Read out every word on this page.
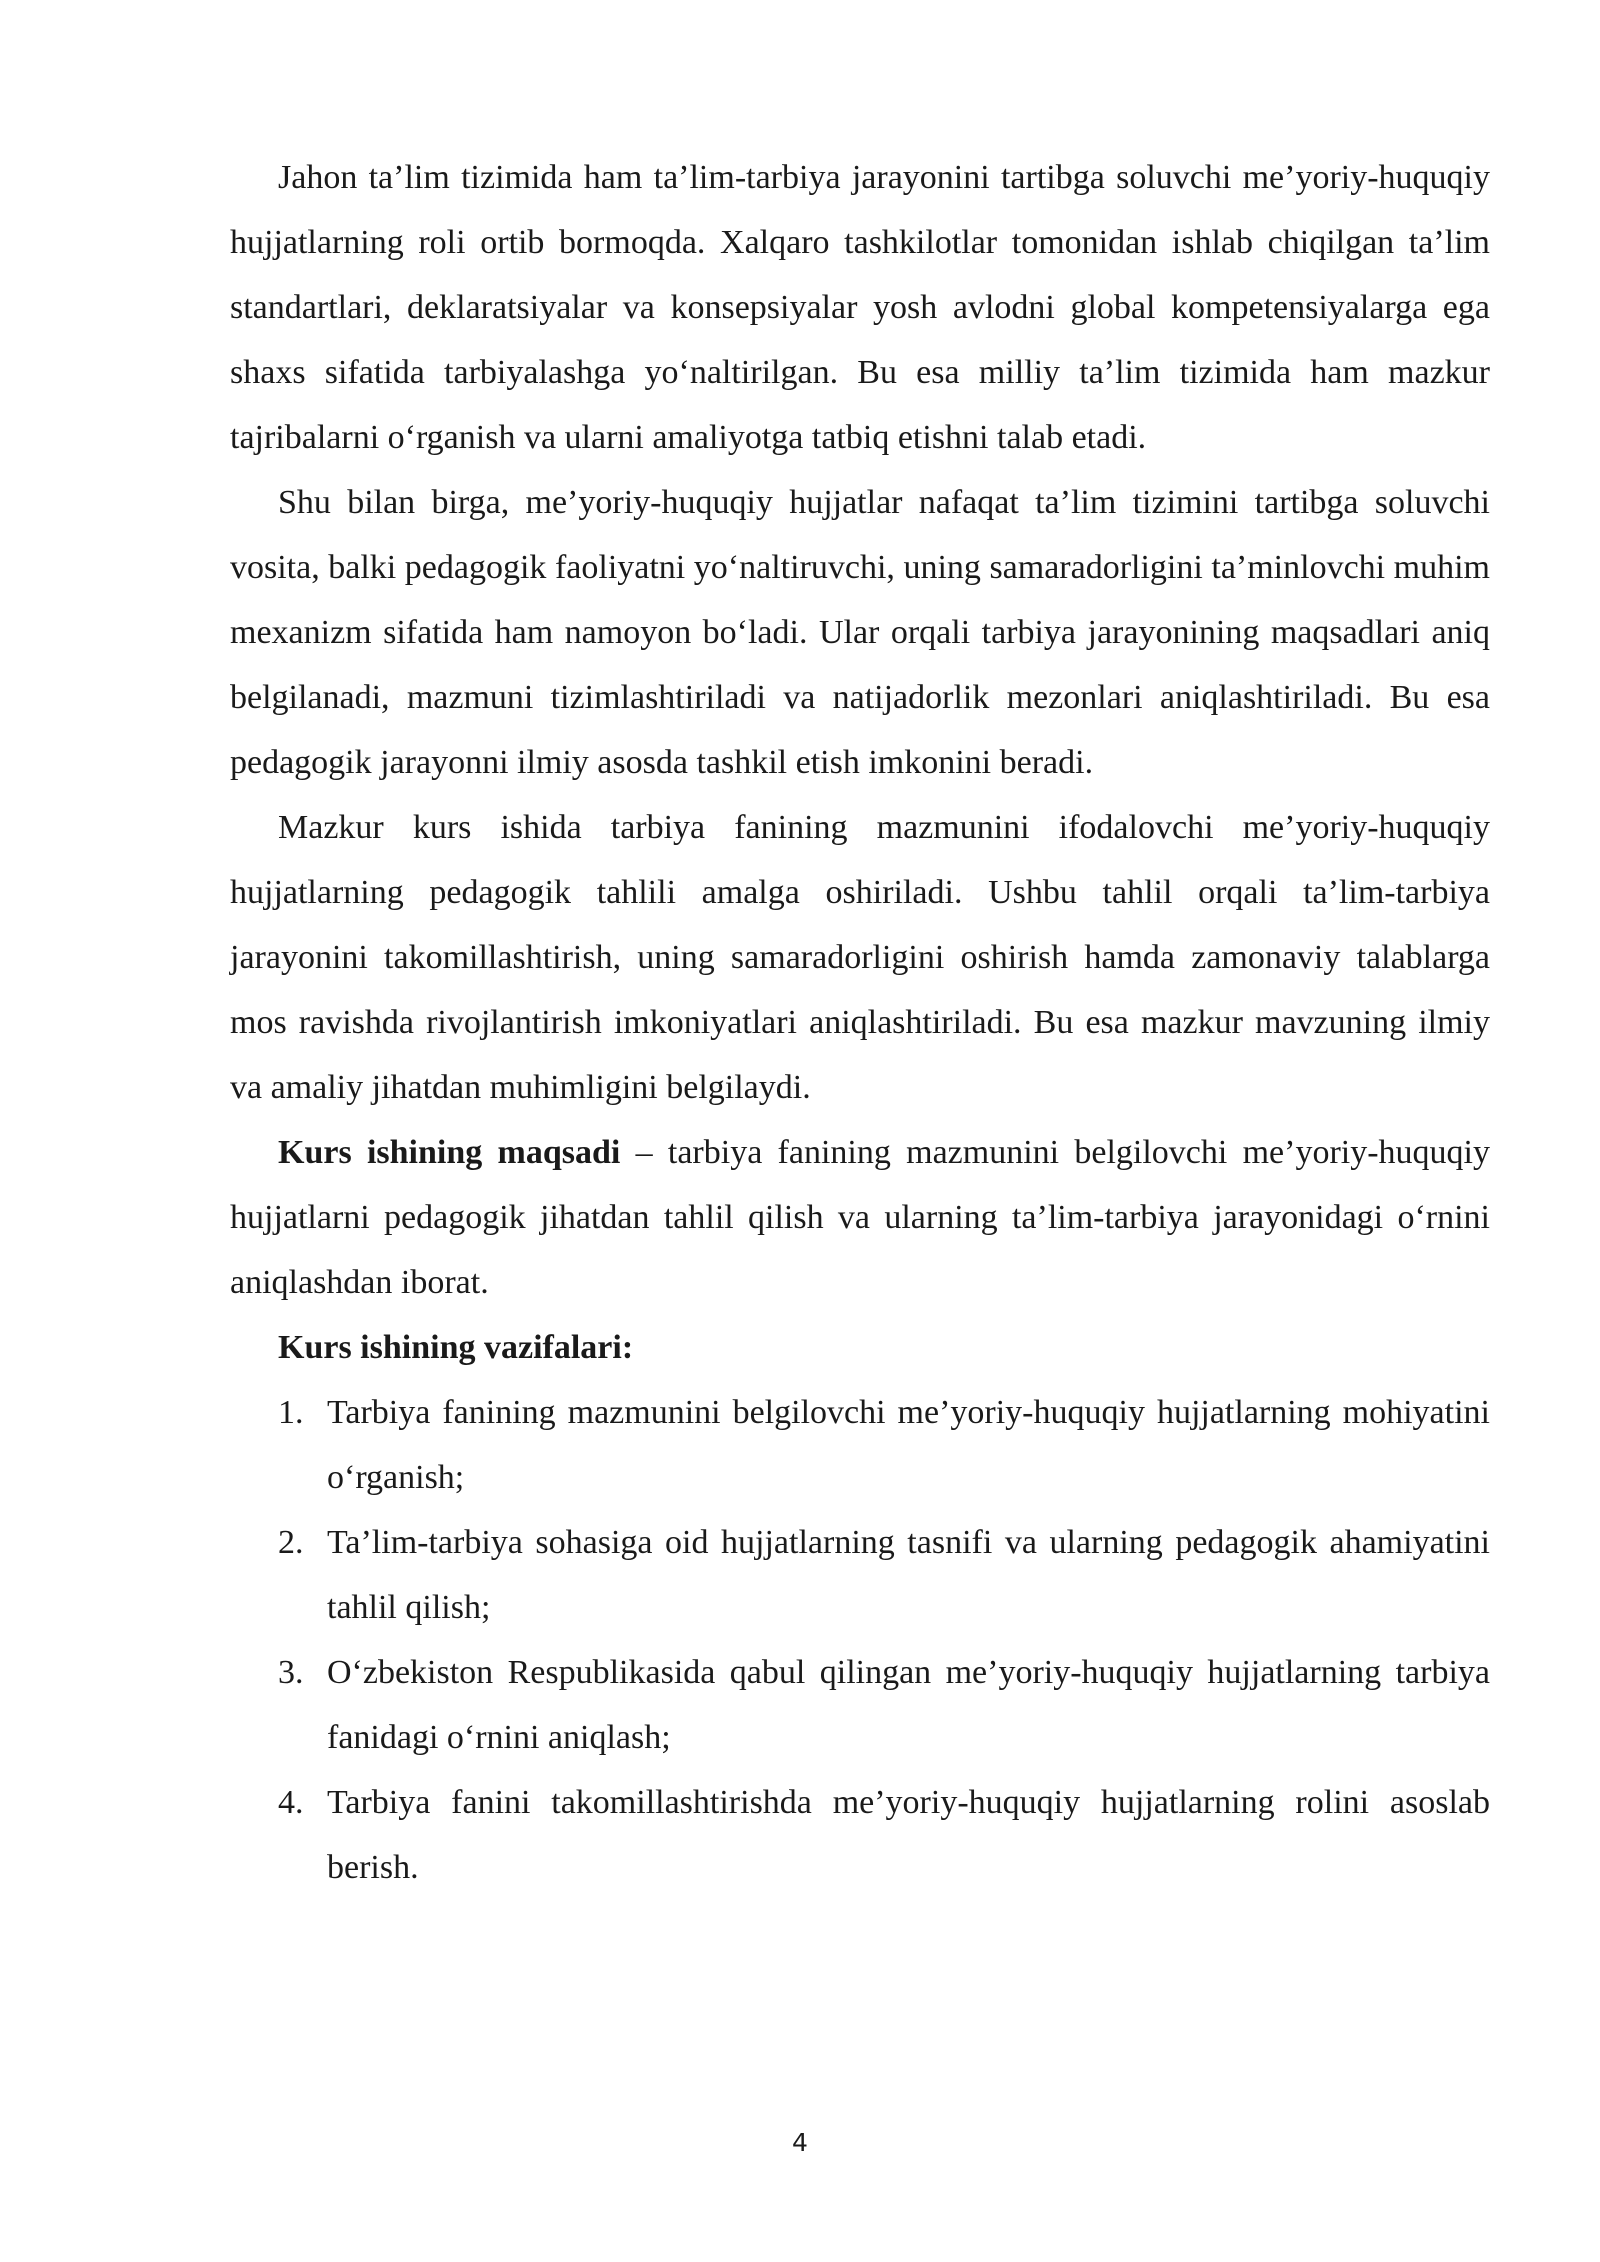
Jahon ta’lim tizimida ham ta’lim-tarbiya jarayonini tartibga soluvchi me’yoriy-huquqiy hujjatlarning roli ortib bormoqda. Xalqaro tashkilotlar tomonidan ishlab chiqilgan ta’lim standartlari, deklaratsiyalar va konsepsiyalar yosh avlodni global kompetensiyalarga ega shaxs sifatida tarbiyalashga yo‘naltirilgan. Bu esa milliy ta’lim tizimida ham mazkur tajribalarni o‘rganish va ularni amaliyotga tatbiq etishni talab etadi.

Shu bilan birga, me’yoriy-huquqiy hujjatlar nafaqat ta’lim tizimini tartibga soluvchi vosita, balki pedagogik faoliyatni yo‘naltiruvchi, uning samaradorligini ta’minlovchi muhim mexanizm sifatida ham namoyon bo‘ladi. Ular orqali tarbiya jarayonining maqsadlari aniq belgilanadi, mazmuni tizimlashtiriladi va natijadorlik mezonlari aniqlashtiriladi. Bu esa pedagogik jarayonni ilmiy asosda tashkil etish imkonini beradi.

Mazkur kurs ishida tarbiya fanining mazmunini ifodalovchi me’yoriy-huquqiy hujjatlarning pedagogik tahlili amalga oshiriladi. Ushbu tahlil orqali ta’lim-tarbiya jarayonini takomillashtirish, uning samaradorligini oshirish hamda zamonaviy talablarga mos ravishda rivojlantirish imkoniyatlari aniqlashtiriladi. Bu esa mazkur mavzuning ilmiy va amaliy jihatdan muhimligini belgilaydi.

Kurs ishining maqsadi – tarbiya fanining mazmunini belgilovchi me’yoriy-huquqiy hujjatlarni pedagogik jihatdan tahlil qilish va ularning ta’lim-tarbiya jarayonidagi o‘rnini aniqlashdan iborat.

Kurs ishining vazifalari:

1. Tarbiya fanining mazmunini belgilovchi me’yoriy-huquqiy hujjatlarning mohiyatini o‘rganish;
2. Ta’lim-tarbiya sohasiga oid hujjatlarning tasnifi va ularning pedagogik ahamiyatini tahlil qilish;
3. O‘zbekiston Respublikasida qabul qilingan me’yoriy-huquqiy hujjatlarning tarbiya fanidagi o‘rnini aniqlash;
4. Tarbiya fanini takomillashtirishda me’yoriy-huquqiy hujjatlarning rolini asoslab berish.
4
